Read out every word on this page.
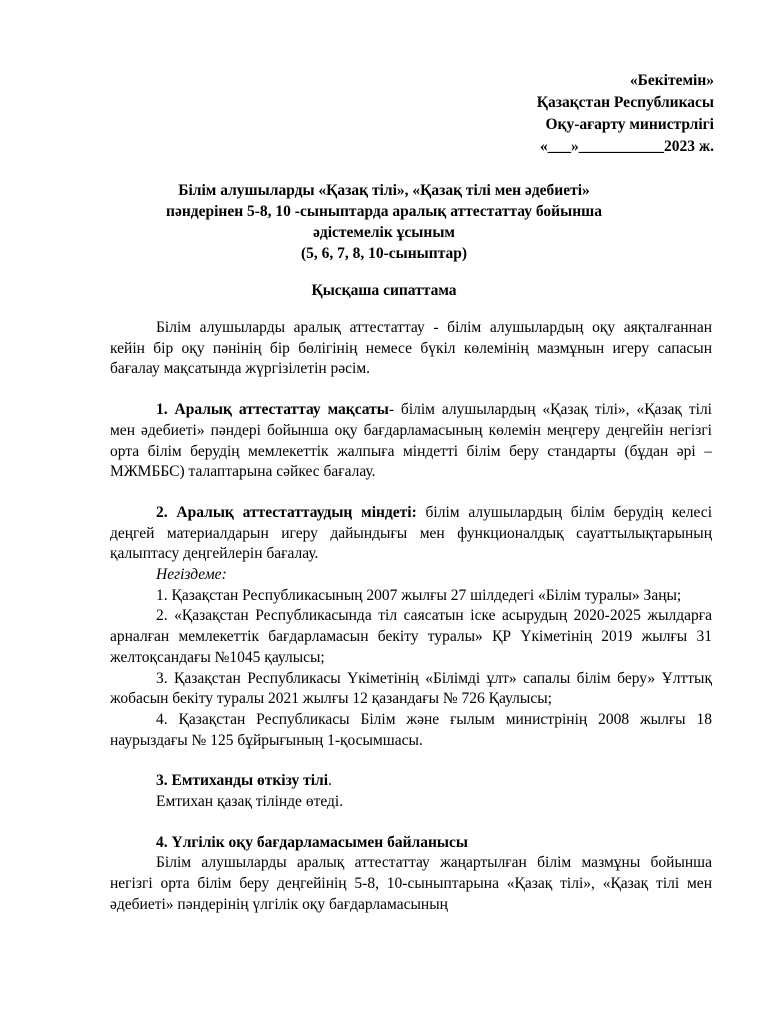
«Бекітемін»
Қазақстан Республикасы
Оқу-ағарту министрлігі
«___»___________2023 ж.
Білім алушыларды «Қазақ тілі», «Қазақ тілі мен әдебиеті»
пәндерінен 5-8, 10 -сыныптарда аралық аттестаттау бойынша
әдістемелік ұсыным
(5, 6, 7, 8, 10-сыныптар)
Қысқаша сипаттама

Білім алушыларды аралық аттестаттау - білім алушылардың оқу аяқталғаннан кейін бір оқу пәнінің бір бөлігінің немесе бүкіл көлемінің мазмұнын игеру сапасын бағалау мақсатында жүргізілетін рәсім.

1. Аралық аттестаттау мақсаты- білім алушылардың «Қазақ тілі», «Қазақ тілі мен әдебиеті» пәндері бойынша оқу бағдарламасының көлемін меңгеру деңгейін негізгі орта білім берудің мемлекеттік жалпыға міндетті білім беру стандарты (бұдан әрі – МЖМББС) талаптарына сәйкес бағалау.

2. Аралық аттестаттаудың міндеті: білім алушылардың білім берудің келесі деңгей материалдарын игеру дайындығы мен функционалдық сауаттылықтарының қалыптасу деңгейлерін бағалау.

Негіздеме:

1. Қазақстан Республикасының 2007 жылғы 27 шілдедегі «Білім туралы» Заңы;

2. «Қазақстан Республикасында тіл саясатын іске асырудың 2020-2025 жылдарға арналған мемлекеттік бағдарламасын бекіту туралы» ҚР Үкіметінің 2019 жылғы 31 желтоқсандағы №1045 қаулысы;

3. Қазақстан Республикасы Үкіметінің «Білімді ұлт» сапалы білім беру» Ұлттық жобасын бекіту туралы 2021 жылғы 12 қазандағы № 726 Қаулысы;

4. Қазақстан Республикасы Білім және ғылым министрінің 2008 жылғы 18 наурыздағы № 125 бұйрығының 1-қосымшасы.

3. Емтиханды өткізу тілі.

Емтихан қазақ тілінде өтеді.

4. Үлгілік оқу бағдарламасымен байланысы

Білім алушыларды аралық аттестаттау жаңартылған білім мазмұны бойынша негізгі орта білім беру деңгейінің 5-8, 10-сыныптарына «Қазақ тілі», «Қазақ тілі мен әдебиеті» пәндерінің үлгілік оқу бағдарламасының
